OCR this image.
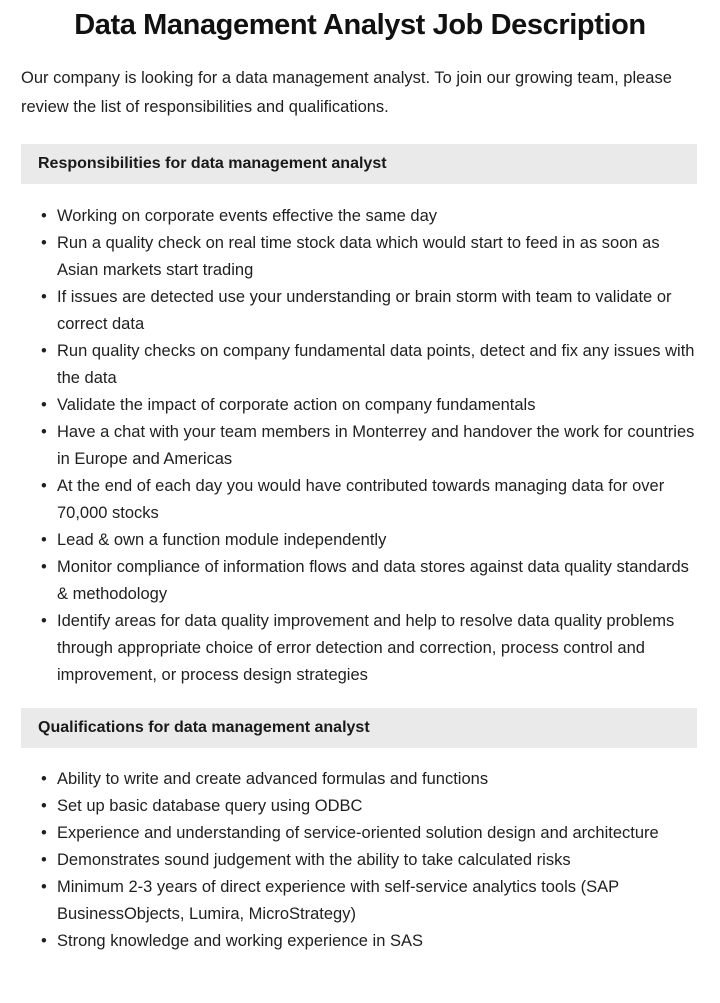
Data Management Analyst Job Description

Our company is looking for a data management analyst. To join our growing team, please review the list of responsibilities and qualifications.

Responsibilities for data management analyst
• Working on corporate events effective the same day
• Run a quality check on real time stock data which would start to feed in as soon as Asian markets start trading
• If issues are detected use your understanding or brain storm with team to validate or correct data
• Run quality checks on company fundamental data points, detect and fix any issues with the data
• Validate the impact of corporate action on company fundamentals
• Have a chat with your team members in Monterrey and handover the work for countries in Europe and Americas
• At the end of each day you would have contributed towards managing data for over 70,000 stocks
• Lead & own a function module independently
• Monitor compliance of information flows and data stores against data quality standards & methodology
• Identify areas for data quality improvement and help to resolve data quality problems through appropriate choice of error detection and correction, process control and improvement, or process design strategies
Qualifications for data management analyst
• Ability to write and create advanced formulas and functions
• Set up basic database query using ODBC
• Experience and understanding of service-oriented solution design and architecture
• Demonstrates sound judgement with the ability to take calculated risks
• Minimum 2-3 years of direct experience with self-service analytics tools (SAP BusinessObjects, Lumira, MicroStrategy)
• Strong knowledge and working experience in SAS
